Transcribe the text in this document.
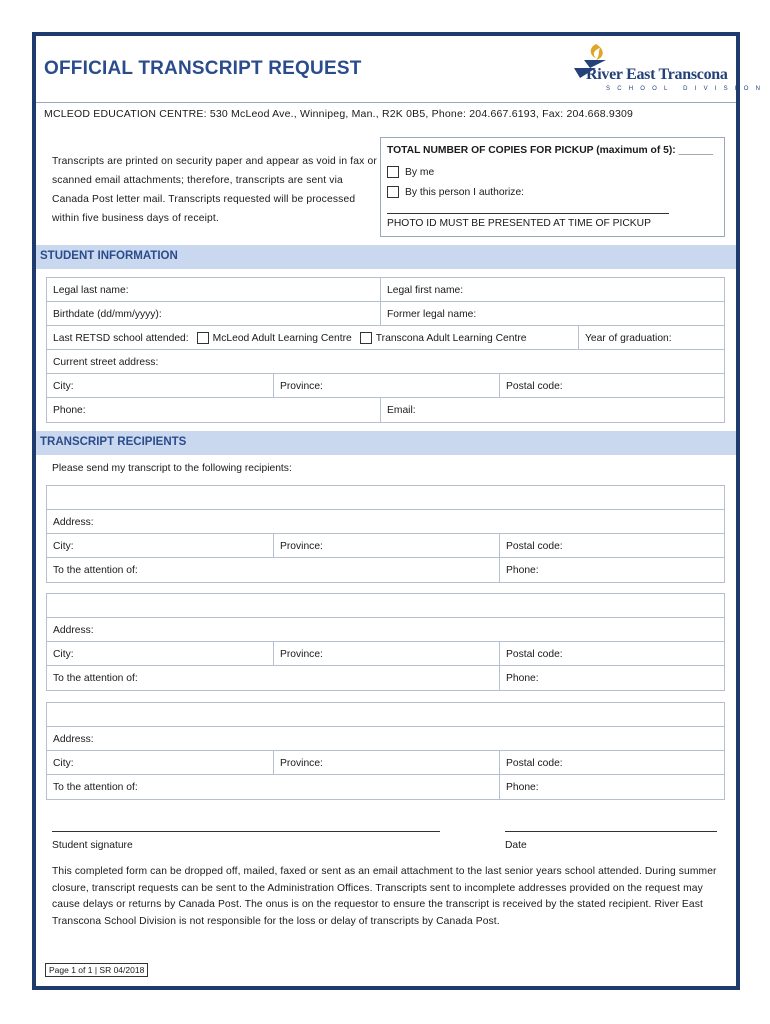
OFFICIAL TRANSCRIPT REQUEST	River East Transcona
SCHOOL DIVISION
MCLEOD EDUCATION CENTRE: 530 McLeod Ave., Winnipeg, Man., R2K 0B5, Phone: 204.667.6193, Fax: 204.668.9309
Transcripts are printed on security paper and appear as void in fax or scanned email attachments; therefore, transcripts are sent via Canada Post letter mail. Transcripts requested will be processed within five business days of receipt.
TOTAL NUMBER OF COPIES FOR PICKUP (maximum of 5): ______
By me
By this person I authorize:
PHOTO ID MUST BE PRESENTED AT TIME OF PICKUP
STUDENT INFORMATION
Legal last name:	Legal first name:
Birthdate (dd/mm/yyyy):	Former legal name:
Last RETSD school attended: McLeod Adult Learning Centre Transcona Adult Learning Centre	Year of graduation:
Current street address:
City:	Province:	Postal code:
Phone:	Email:
TRANSCRIPT RECIPIENTS
Please send my transcript to the following recipients:
Address:
City:	Province:	Postal code:
To the attention of:	Phone:
Address:
City:	Province:	Postal code:
To the attention of:	Phone:
Address:
City:	Province:	Postal code:
To the attention of:	Phone:
Student signature	Date
This completed form can be dropped off, mailed, faxed or sent as an email attachment to the last senior years school attended. During summer closure, transcript requests can be sent to the Administration Offices. Transcripts sent to incomplete addresses provided on the request may cause delays or returns by Canada Post. The onus is on the requestor to ensure the transcript is received by the stated recipient. River East Transcona School Division is not responsible for the loss or delay of transcripts by Canada Post.
Page 1 of 1 | SR 04/2018
